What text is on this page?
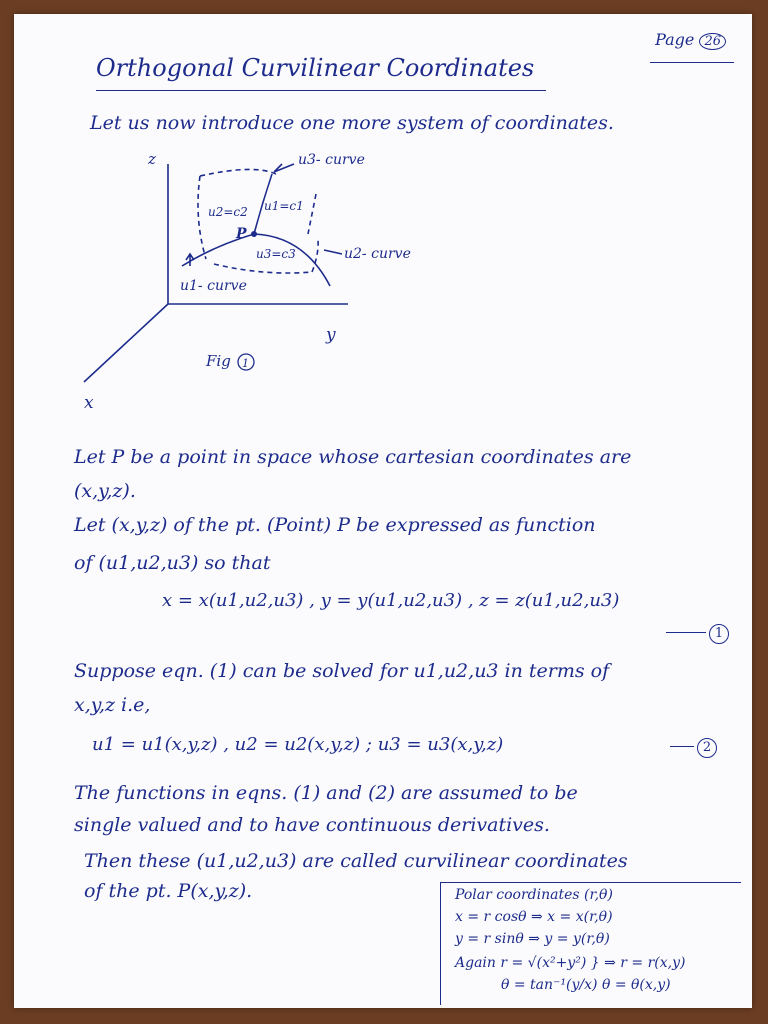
Page 26
Orthogonal Curvilinear Coordinates
Let us now introduce one more system of coordinates.
z
y
x
u3- curve
u2- curve
u1- curve
u2=c2 u1=c1
u3=c3
P
Fig 1
Let P be a point in space whose cartesian coordinates are
(x,y,z).
Let (x,y,z) of the pt. (Point) P be expressed as function
of (u1,u2,u3) so that
x = x(u1,u2,u3) , y = y(u1,u2,u3) , z = z(u1,u2,u3)
1
Suppose eqn. (1) can be solved for u1,u2,u3 in terms of
x,y,z i.e,
u1 = u1(x,y,z) , u2 = u2(x,y,z) ; u3 = u3(x,y,z)	2
The functions in eqns. (1) and (2) are assumed to be
single valued and to have continuous derivatives.
Then these (u1,u2,u3) are called curvilinear coordinates
of the pt. P(x,y,z).	Polar coordinates (r,θ)
x = r cosθ ⇒ x = x(r,θ)
y = r sinθ ⇒ y = y(r,θ)
Again r = √(x²+y²) } ⇒ r = r(x,y)
θ = tan⁻¹(y/x) θ = θ(x,y)
